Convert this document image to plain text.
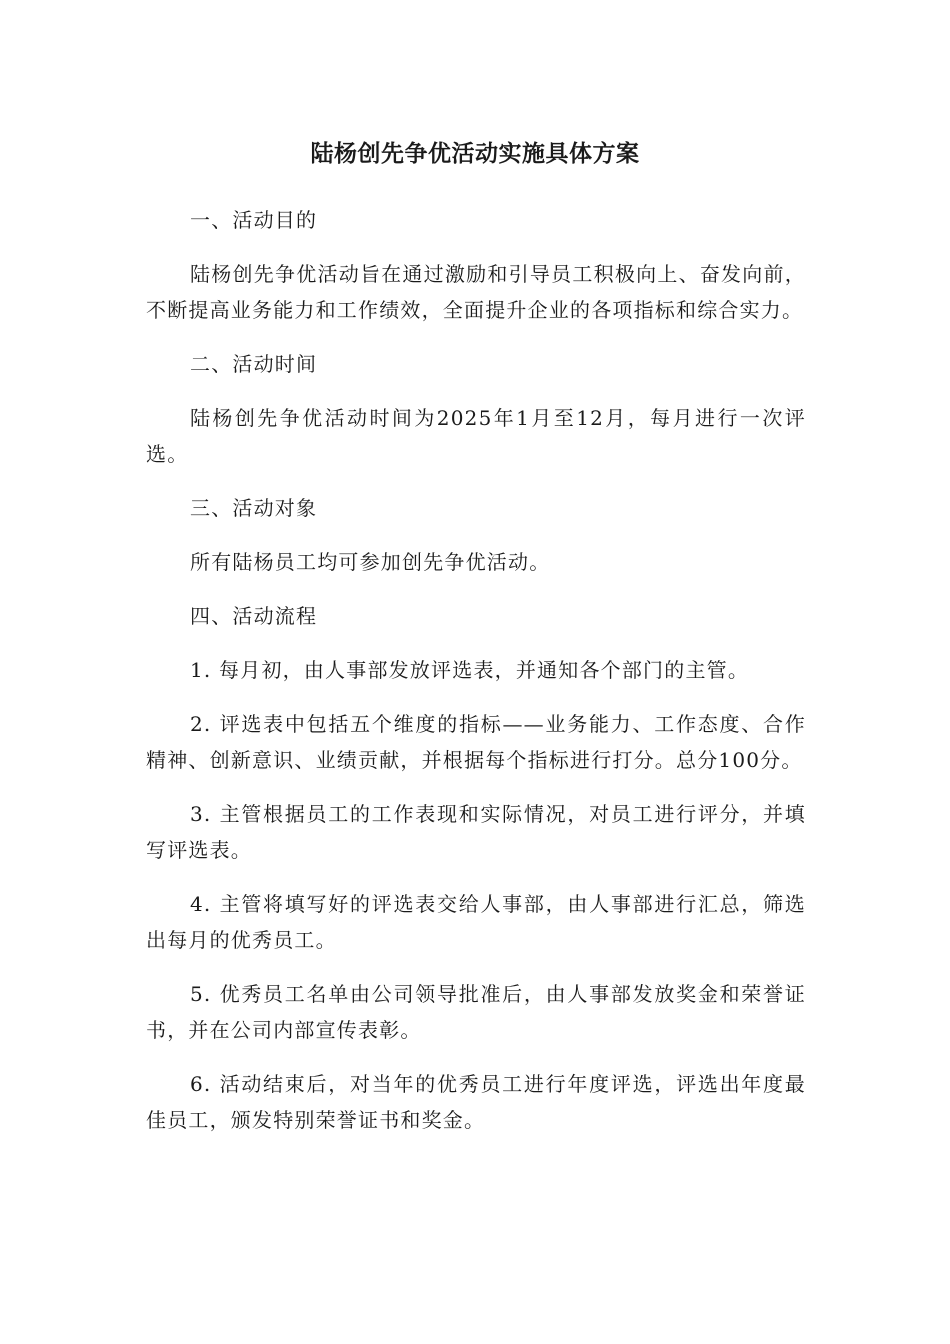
陆杨创先争优活动实施具体方案

一、活动目的

陆杨创先争优活动旨在通过激励和引导员工积极向上、奋发向前，不断提高业务能力和工作绩效，全面提升企业的各项指标和综合实力。

二、活动时间

陆杨创先争优活动时间为2025年1月至12月，每月进行一次评选。

三、活动对象

所有陆杨员工均可参加创先争优活动。

四、活动流程

1. 每月初，由人事部发放评选表，并通知各个部门的主管。

2. 评选表中包括五个维度的指标——业务能力、工作态度、合作精神、创新意识、业绩贡献，并根据每个指标进行打分。总分100分。

3. 主管根据员工的工作表现和实际情况，对员工进行评分，并填写评选表。

4. 主管将填写好的评选表交给人事部，由人事部进行汇总，筛选出每月的优秀员工。

5. 优秀员工名单由公司领导批准后，由人事部发放奖金和荣誉证书，并在公司内部宣传表彰。

6. 活动结束后，对当年的优秀员工进行年度评选，评选出年度最佳员工，颁发特别荣誉证书和奖金。
